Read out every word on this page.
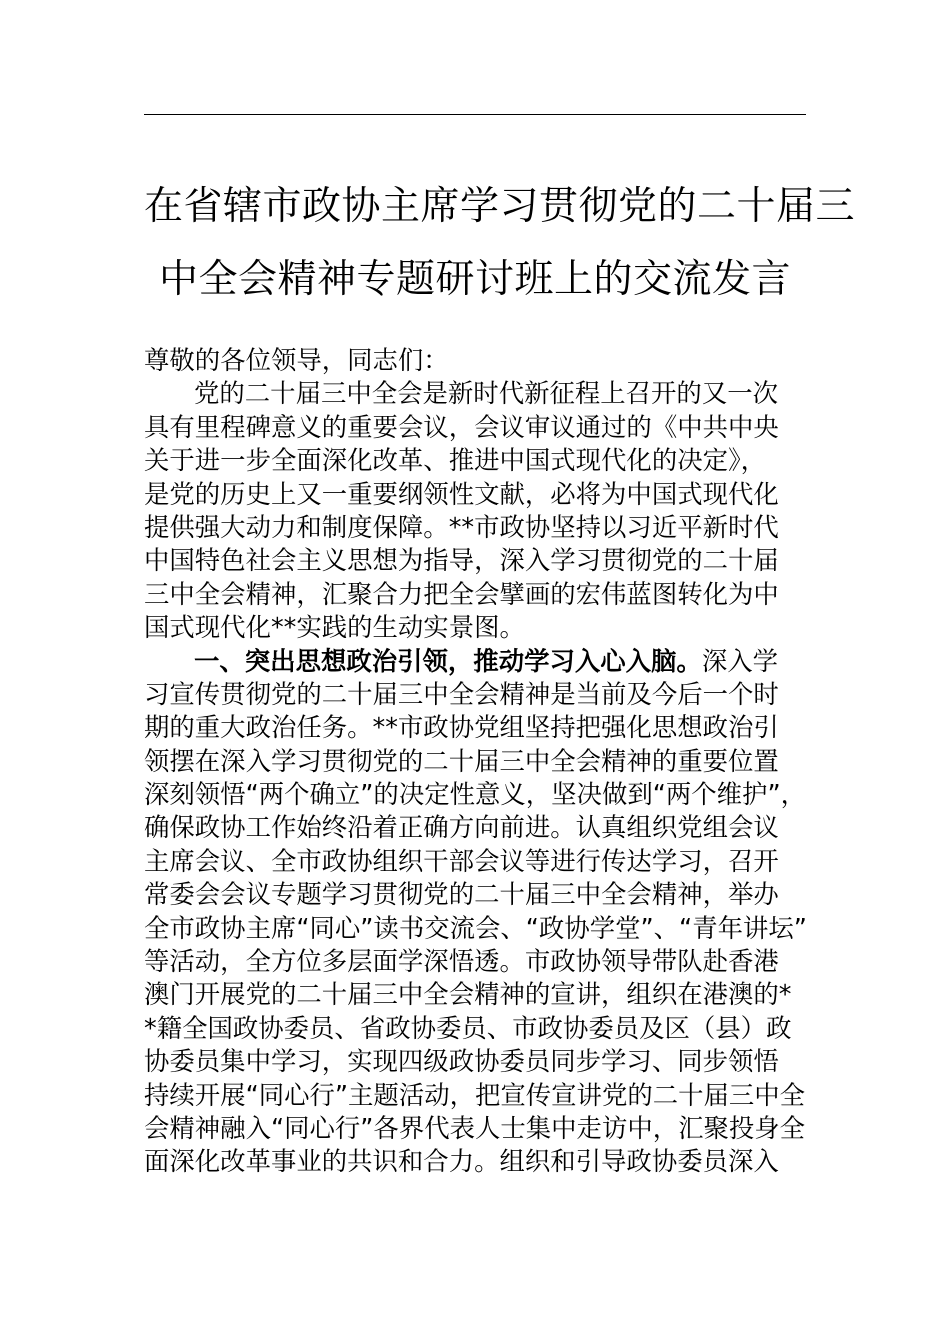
在省辖市政协主席学习贯彻党的二十届三
中全会精神专题研讨班上的交流发言
尊敬的各位领导，同志们：
党的二十届三中全会是新时代新征程上召开的又一次
具有里程碑意义的重要会议，会议审议通过的《中共中央
关于进一步全面深化改革、推进中国式现代化的决定》，
是党的历史上又一重要纲领性文献，必将为中国式现代化
提供强大动力和制度保障。**市政协坚持以习近平新时代
中国特色社会主义思想为指导，深入学习贯彻党的二十届
三中全会精神，汇聚合力把全会擘画的宏伟蓝图转化为中
国式现代化**实践的生动实景图。
一、突出思想政治引领，推动学习入心入脑。深入学
习宣传贯彻党的二十届三中全会精神是当前及今后一个时
期的重大政治任务。**市政协党组坚持把强化思想政治引
领摆在深入学习贯彻党的二十届三中全会精神的重要位置
深刻领悟“两个确立”的决定性意义，坚决做到“两个维护”，
确保政协工作始终沿着正确方向前进。认真组织党组会议
主席会议、全市政协组织干部会议等进行传达学习，召开
常委会会议专题学习贯彻党的二十届三中全会精神，举办
全市政协主席“同心”读书交流会、“政协学堂”、“青年讲坛”
等活动，全方位多层面学深悟透。市政协领导带队赴香港
澳门开展党的二十届三中全会精神的宣讲，组织在港澳的*
*籍全国政协委员、省政协委员、市政协委员及区（县）政
协委员集中学习，实现四级政协委员同步学习、同步领悟
持续开展“同心行”主题活动，把宣传宣讲党的二十届三中全
会精神融入“同心行”各界代表人士集中走访中，汇聚投身全
面深化改革事业的共识和合力。组织和引导政协委员深入
